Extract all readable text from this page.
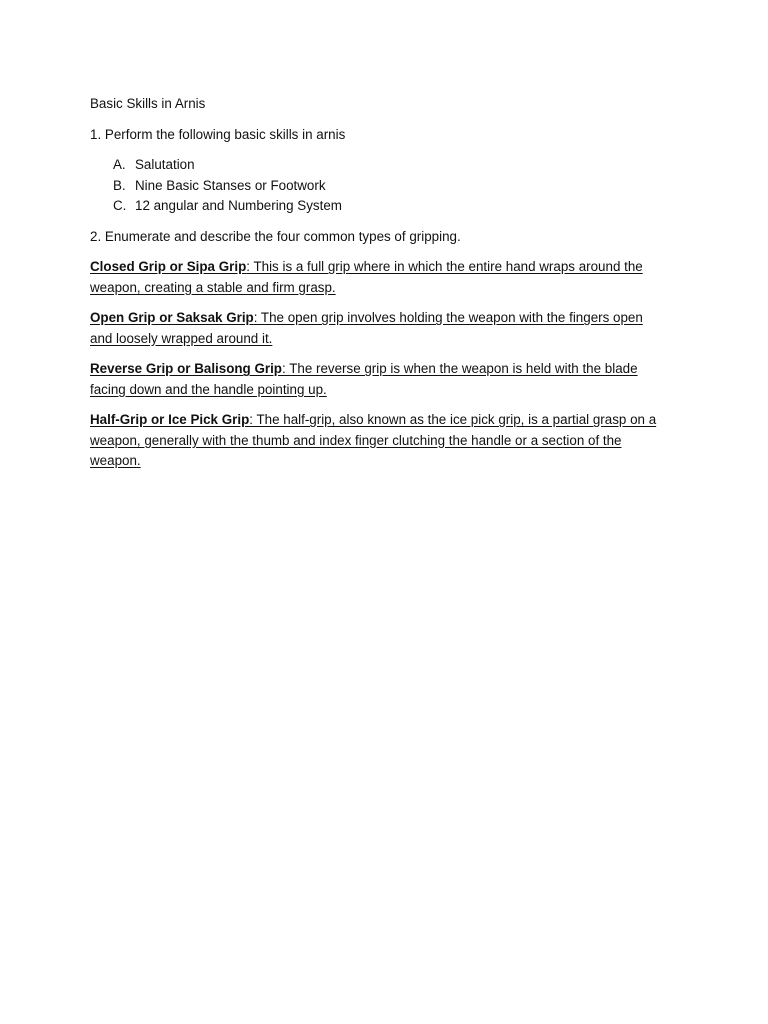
Basic Skills in Arnis

1. Perform the following basic skills in arnis

A. Salutation
B. Nine Basic Stanses or Footwork
C. 12 angular and Numbering System

2. Enumerate and describe the four common types of gripping.

Closed Grip or Sipa Grip: This is a full grip where in which the entire hand wraps around the weapon, creating a stable and firm grasp.

Open Grip or Saksak Grip: The open grip involves holding the weapon with the fingers open and loosely wrapped around it.

Reverse Grip or Balisong Grip: The reverse grip is when the weapon is held with the blade facing down and the handle pointing up.

Half-Grip or Ice Pick Grip: The half-grip, also known as the ice pick grip, is a partial grasp on a weapon, generally with the thumb and index finger clutching the handle or a section of the weapon.
